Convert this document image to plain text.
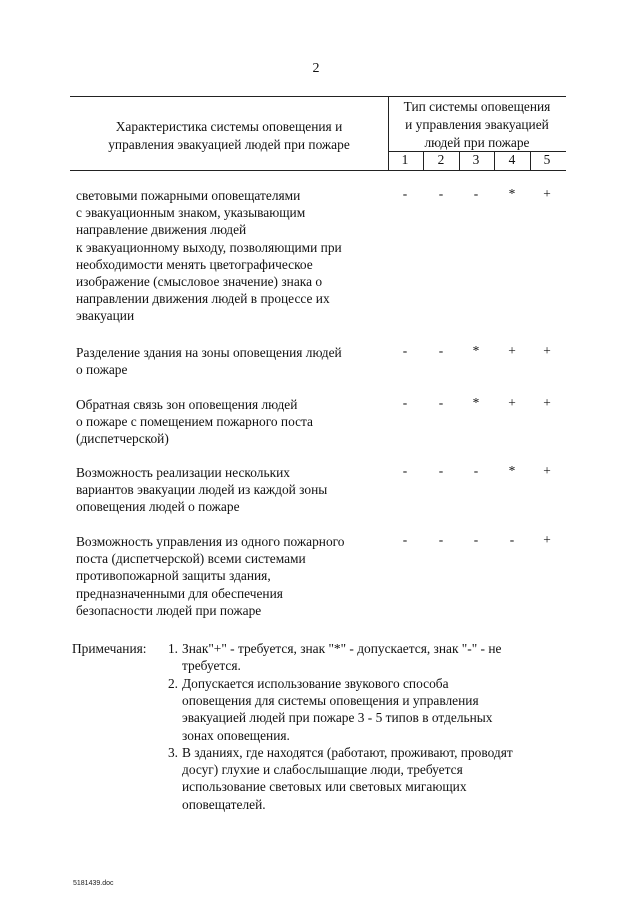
2
Характеристика системы оповещения и
управления эвакуацией людей при пожаре
Тип системы оповещения
и управления эвакуацией
людей при пожаре
1	2	3	4	5
световыми пожарными оповещателями
с эвакуационным знаком, указывающим
направление движения людей
к эвакуационному выходу, позволяющими при
необходимости менять цветографическое
изображение (смысловое значение) знака о
направлении движения людей в процессе их
эвакуации
-	-	-	*	+
Разделение здания на зоны оповещения людей
о пожаре
-	-	*	+	+
Обратная связь зон оповещения людей
о пожаре с помещением пожарного поста
(диспетчерской)
-	-	*	+	+
Возможность реализации нескольких
вариантов эвакуации людей из каждой зоны
оповещения людей о пожаре
-	-	-	*	+
Возможность управления из одного пожарного
поста (диспетчерской) всеми системами
противопожарной защиты здания,
предназначенными для обеспечения
безопасности людей при пожаре
-	-	-	-	+
Примечания:	1. Знак"+" - требуется, знак "*" - допускается, знак "-" - не
требуется.
2. Допускается использование звукового способа
оповещения для системы оповещения и управления
эвакуацией людей при пожаре 3 - 5 типов в отдельных
зонах оповещения.
3. В зданиях, где находятся (работают, проживают, проводят
досуг) глухие и слабослышащие люди, требуется
использование световых или световых мигающих
оповещателей.
5181439.doc
